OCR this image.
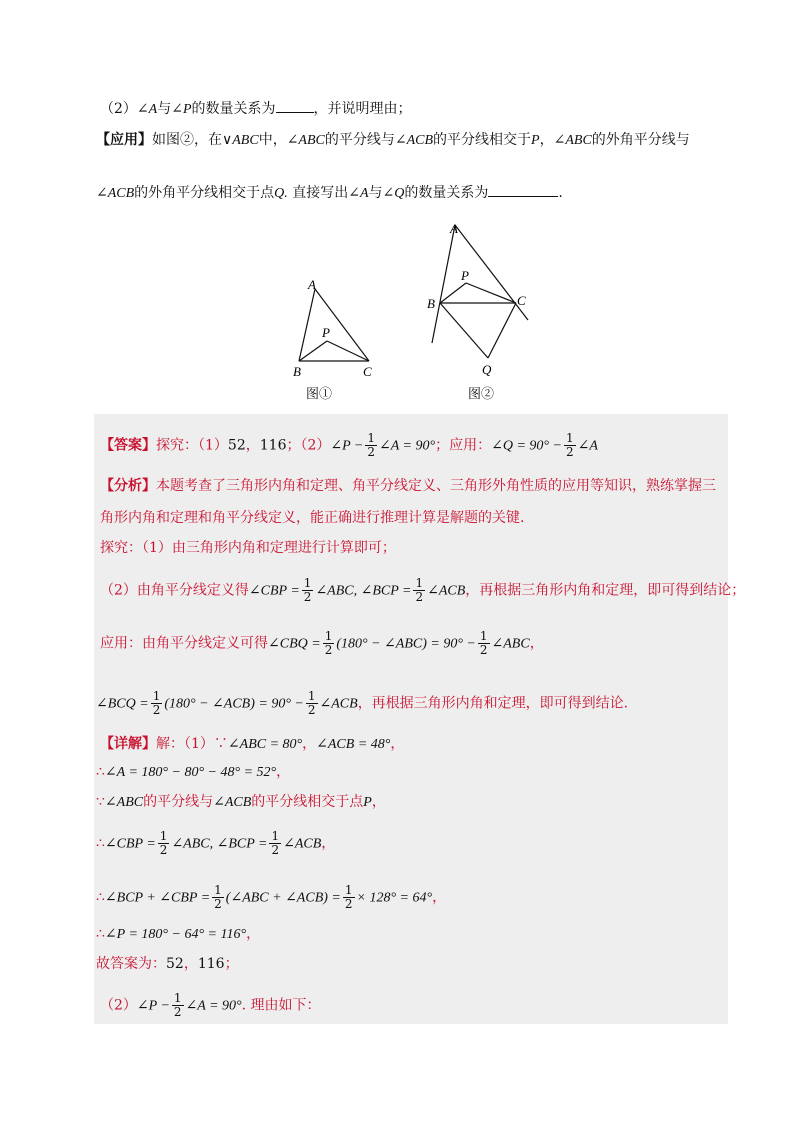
（2）∠A与∠P的数量关系为	，并说明理由；
【应用】如图②，在∨ABC中，∠ABC的平分线与∠ACB的平分线相交于P，∠ABC的外角平分线与
∠ACB的外角平分线相交于点Q. 直接写出∠A与∠Q的数量关系为	.
A
P
B	C
图①
A
P
B	C
Q
图②
【答案】探究：（1）52，116；（2）∠P − $\frac{1}{2}$ ∠A = 90°；应用：∠Q = $90^\circ - \frac{1}{2}$ ∠A
【分析】本题考查了三角形内角和定理、角平分线定义、三角形外角性质的应用等知识，熟练掌握三
角形内角和定理和角平分线定义，能正确进行推理计算是解题的关键.
探究：（1）由三角形内角和定理进行计算即可；
（2）由角平分线定义得∠CBP = $\frac{1}{2}$ ∠ABC, ∠BCP = $\frac{1}{2}$ ∠ACB，再根据三角形内角和定理，即可得到结论；
应用：由角平分线定义可得∠CBQ = $\frac{1}{2} (180^\circ$ − ∠ABC) = $90^\circ - \frac{1}{2}$ ∠ABC，
∠BCQ = $\frac{1}{2} (180^\circ$ − ∠ACB) = $90^\circ - \frac{1}{2}$ ∠ACB，再根据三角形内角和定理，即可得到结论.
【详解】解：（1）∵∠ABC = 80°，∠ACB = 48°，
∴∠A = 180° − 80° − 48° = 52°，
∵∠ABC的平分线与∠ACB的平分线相交于点P，
∴∠CBP = $\frac{1}{2}$ ∠ABC, ∠BCP = $\frac{1}{2}$ ∠ACB，
∴∠BCP + ∠CBP = $\frac{1}{2}$ (∠ABC + ∠ACB) = $\frac{1}{2} \times 128^\circ = 64^\circ$，
∴∠P = 180° − 64° = 116°，
故答案为：52，116；
（2）∠P − $\frac{1}{2}$ ∠A = 90°. 理由如下：
